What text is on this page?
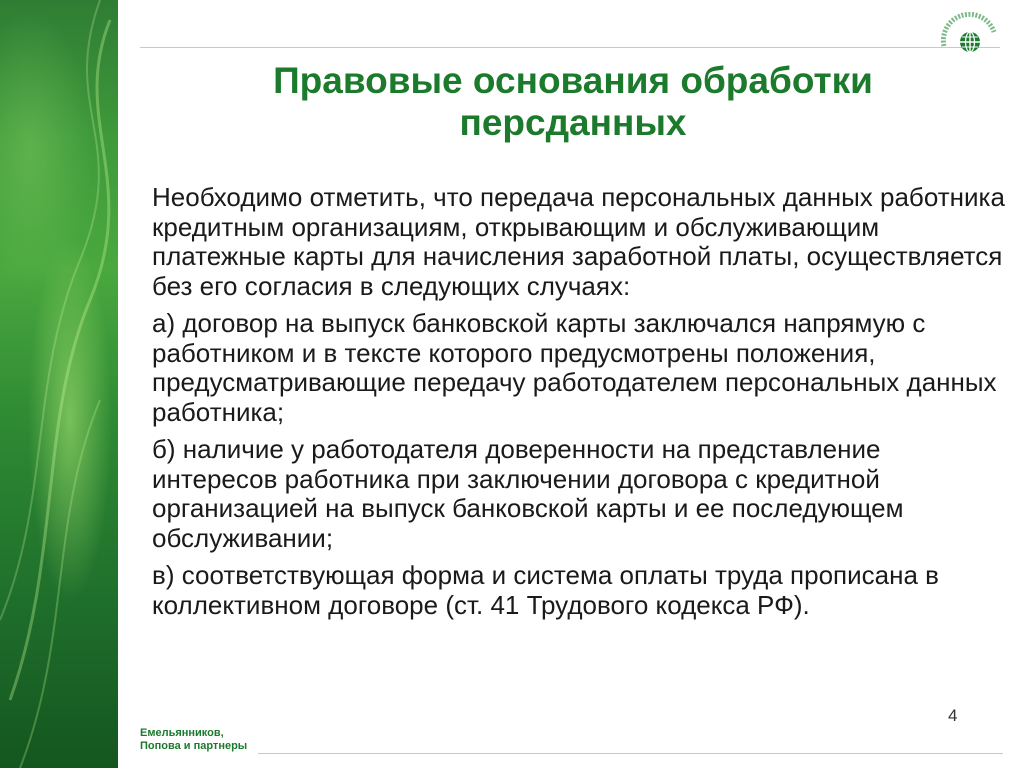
Правовые основания обработки
персданных

Необходимо отметить, что передача персональных данных работника кредитным организациям, открывающим и обслуживающим платежные карты для начисления заработной платы, осуществляется без его согласия в следующих случаях:

а) договор на выпуск банковской карты заключался напрямую с работником и в тексте которого предусмотрены положения, предусматривающие передачу работодателем персональных данных работника;

б) наличие у работодателя доверенности на представление интересов работника при заключении договора с кредитной организацией на выпуск банковской карты и ее последующем обслуживании;

в) соответствующая форма и система оплаты труда прописана в коллективном договоре (ст. 41 Трудового кодекса РФ).

4
Емельянников,
Попова и партнеры
